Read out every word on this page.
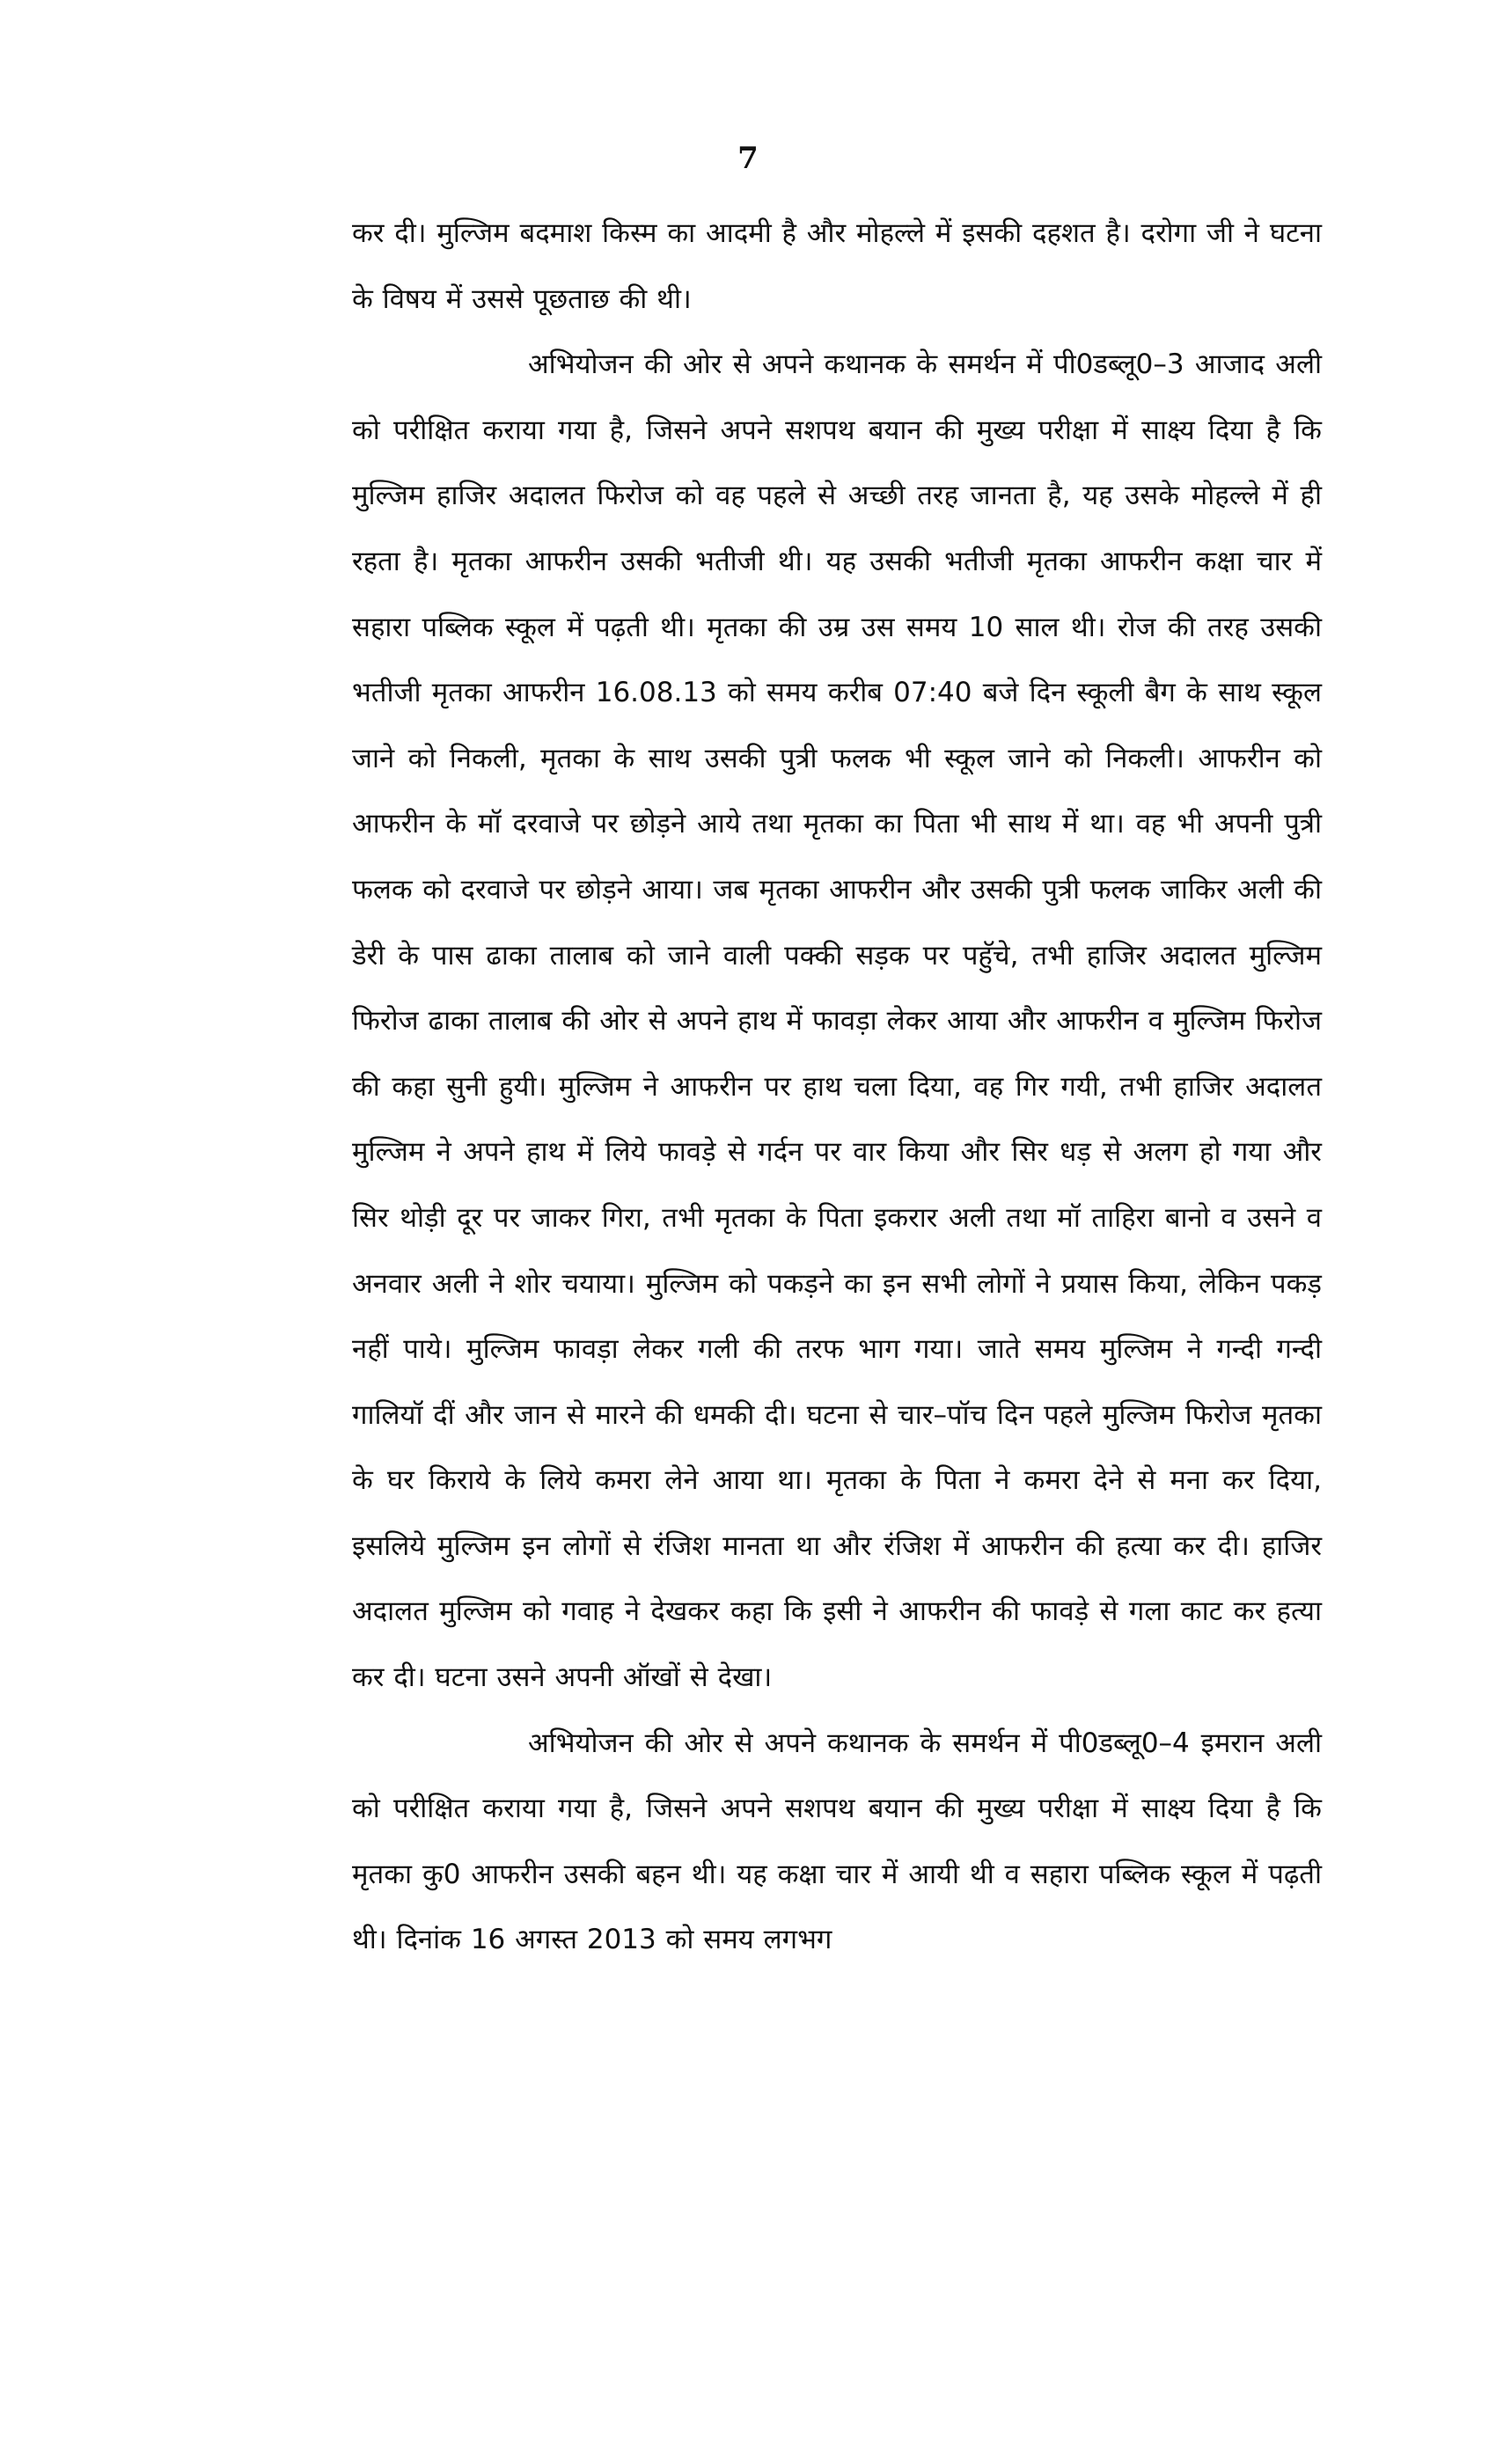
7

कर दी। मुल्जिम बदमाश किस्म का आदमी है और मोहल्ले में इसकी दहशत है। दरोगा जी ने घटना के विषय में उससे पूछताछ की थी।

अभियोजन की ओर से अपने कथानक के समर्थन में पी0डब्लू0–3 आजाद अली को परीक्षित कराया गया है, जिसने अपने सशपथ बयान की मुख्य परीक्षा में साक्ष्य दिया है कि मुल्जिम हाजिर अदालत फिरोज को वह पहले से अच्छी तरह जानता है, यह उसके मोहल्ले में ही रहता है। मृतका आफरीन उसकी भतीजी थी। यह उसकी भतीजी मृतका आफरीन कक्षा चार में सहारा पब्लिक स्कूल में पढ़ती थी। मृतका की उम्र उस समय 10 साल थी। रोज की तरह उसकी भतीजी मृतका आफरीन 16.08.13 को समय करीब 07:40 बजे दिन स्कूली बैग के साथ स्कूल जाने को निकली, मृतका के साथ उसकी पुत्री फलक भी स्कूल जाने को निकली। आफरीन को आफरीन के मॉ दरवाजे पर छोड़ने आये तथा मृतका का पिता भी साथ में था। वह भी अपनी पुत्री फलक को दरवाजे पर छोड़ने आया। जब मृतका आफरीन और उसकी पुत्री फलक जाकिर अली की डेरी के पास ढाका तालाब को जाने वाली पक्की सड़क पर पहुॅचे, तभी हाजिर अदालत मुल्जिम फिरोज ढाका तालाब की ओर से अपने हाथ में फावड़ा लेकर आया और आफरीन व मुल्जिम फिरोज की कहा सुनी हुयी। मुल्जिम ने आफरीन पर हाथ चला दिया, वह गिर गयी, तभी हाजिर अदालत मुल्जिम ने अपने हाथ में लिये फावड़े से गर्दन पर वार किया और सिर धड़ से अलग हो गया और सिर थोड़ी दूर पर जाकर गिरा, तभी मृतका के पिता इकरार अली तथा मॉ ताहिरा बानो व उसने व अनवार अली ने शोर चयाया। मुल्जिम को पकड़ने का इन सभी लोगों ने प्रयास किया, लेकिन पकड़ नहीं पाये। मुल्जिम फावड़ा लेकर गली की तरफ भाग गया। जाते समय मुल्जिम ने गन्दी गन्दी गालियॉ दीं और जान से मारने की धमकी दी। घटना से चार–पॉच दिन पहले मुल्जिम फिरोज मृतका के घर किराये के लिये कमरा लेने आया था। मृतका के पिता ने कमरा देने से मना कर दिया, इसलिये मुल्जिम इन लोगों से रंजिश मानता था और रंजिश में आफरीन की हत्या कर दी। हाजिर अदालत मुल्जिम को गवाह ने देखकर कहा कि इसी ने आफरीन की फावड़े से गला काट कर हत्या कर दी। घटना उसने अपनी ऑखों से देखा।

अभियोजन की ओर से अपने कथानक के समर्थन में पी0डब्लू0–4 इमरान अली को परीक्षित कराया गया है, जिसने अपने सशपथ बयान की मुख्य परीक्षा में साक्ष्य दिया है कि मृतका कु0 आफरीन उसकी बहन थी। यह कक्षा चार में आयी थी व सहारा पब्लिक स्कूल में पढ़ती थी। दिनांक 16 अगस्त 2013 को समय लगभग
